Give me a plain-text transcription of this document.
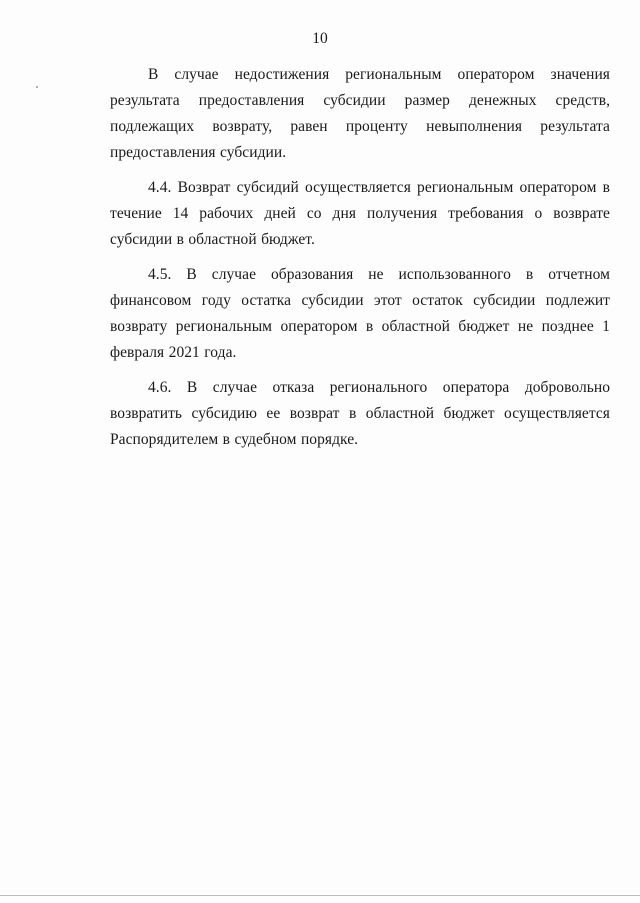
10

В случае недостижения региональным оператором значения результата предоставления субсидии размер денежных средств, подлежащих возврату, равен проценту невыполнения результата предоставления субсидии.

4.4. Возврат субсидий осуществляется региональным оператором в течение 14 рабочих дней со дня получения требования о возврате субсидии в областной бюджет.

4.5. В случае образования не использованного в отчетном финансовом году остатка субсидии этот остаток субсидии подлежит возврату региональным оператором в областной бюджет не позднее 1 февраля 2021 года.

4.6. В случае отказа регионального оператора добровольно возвратить субсидию ее возврат в областной бюджет осуществляется Распорядителем в судебном порядке.
